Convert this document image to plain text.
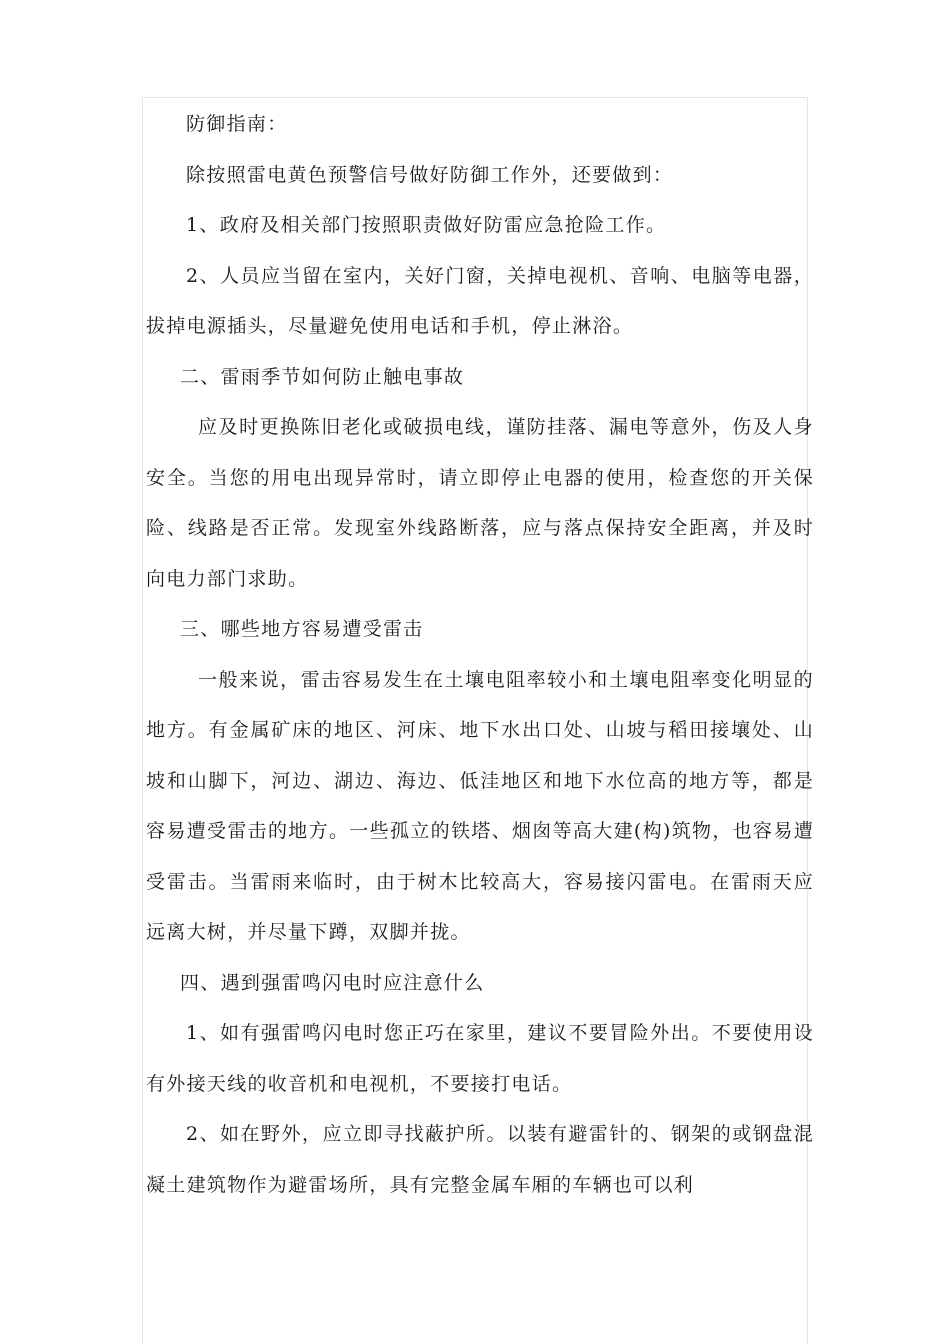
防御指南：

除按照雷电黄色预警信号做好防御工作外，还要做到：

1、政府及相关部门按照职责做好防雷应急抢险工作。

2、人员应当留在室内，关好门窗，关掉电视机、音响、电脑等电器，拔掉电源插头，尽量避免使用电话和手机，停止淋浴。

二、雷雨季节如何防止触电事故

应及时更换陈旧老化或破损电线，谨防挂落、漏电等意外，伤及人身安全。当您的用电出现异常时，请立即停止电器的使用，检查您的开关保险、线路是否正常。发现室外线路断落，应与落点保持安全距离，并及时向电力部门求助。

三、哪些地方容易遭受雷击

一般来说，雷击容易发生在土壤电阻率较小和土壤电阻率变化明显的地方。有金属矿床的地区、河床、地下水出口处、山坡与稻田接壤处、山坡和山脚下，河边、湖边、海边、低洼地区和地下水位高的地方等，都是容易遭受雷击的地方。一些孤立的铁塔、烟囱等高大建(构)筑物，也容易遭受雷击。当雷雨来临时，由于树木比较高大，容易接闪雷电。在雷雨天应远离大树，并尽量下蹲，双脚并拢。

四、遇到强雷鸣闪电时应注意什么

1、如有强雷鸣闪电时您正巧在家里，建议不要冒险外出。不要使用设有外接天线的收音机和电视机，不要接打电话。

2、如在野外，应立即寻找蔽护所。以装有避雷针的、钢架的或钢盘混凝土建筑物作为避雷场所，具有完整金属车厢的车辆也可以利
